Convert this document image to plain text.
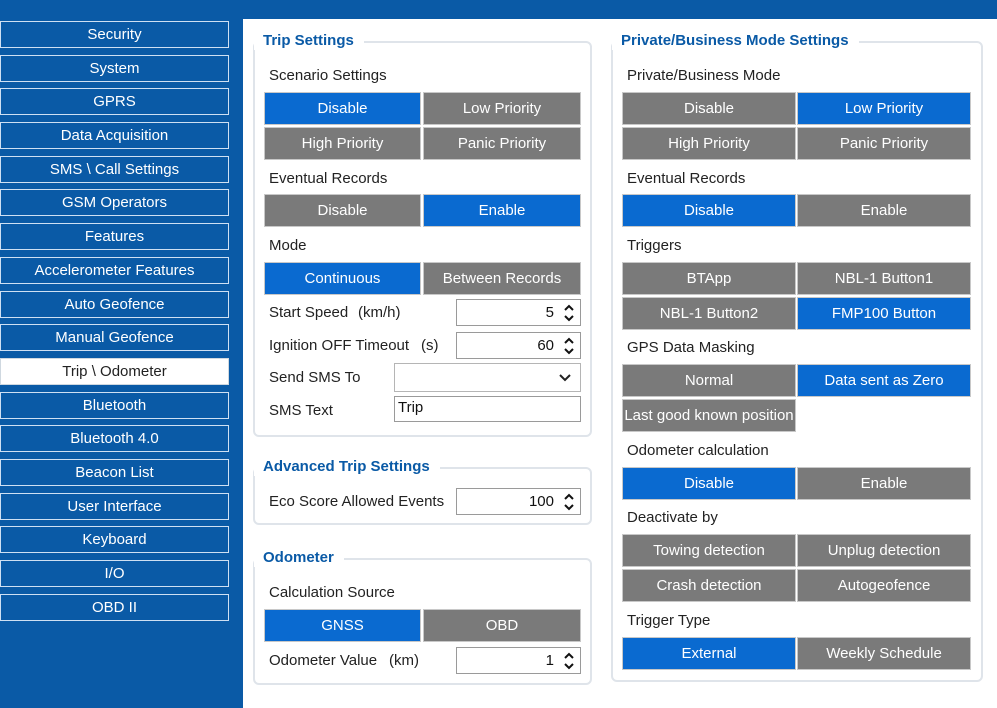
Security
System
GPRS
Data Acquisition
SMS \ Call Settings
GSM Operators
Features
Accelerometer Features
Auto Geofence
Manual Geofence
Trip \ Odometer
Bluetooth
Bluetooth 4.0
Beacon List
User Interface
Keyboard
I/O
OBD II
Trip Settings
Scenario Settings
Disable	Low Priority
High Priority	Panic Priority
Eventual Records
Disable	Enable
Mode
Continuous	Between Records
Start Speed (km/h)	5
Ignition OFF Timeout (s)	60
Send SMS To
SMS Text
Trip
Advanced Trip Settings
Eco Score Allowed Events	100
Odometer
Calculation Source
GNSS	OBD
Odometer Value (km)	1
Private/Business Mode Settings
Private/Business Mode
Disable	Low Priority
High Priority	Panic Priority
Eventual Records
Disable	Enable
Triggers
BTApp	NBL-1 Button1
NBL-1 Button2	FMP100 Button
GPS Data Masking
Normal	Data sent as Zero
Last good known position
Odometer calculation
Disable	Enable
Deactivate by
Towing detection	Unplug detection
Crash detection	Autogeofence
Trigger Type
External	Weekly Schedule
